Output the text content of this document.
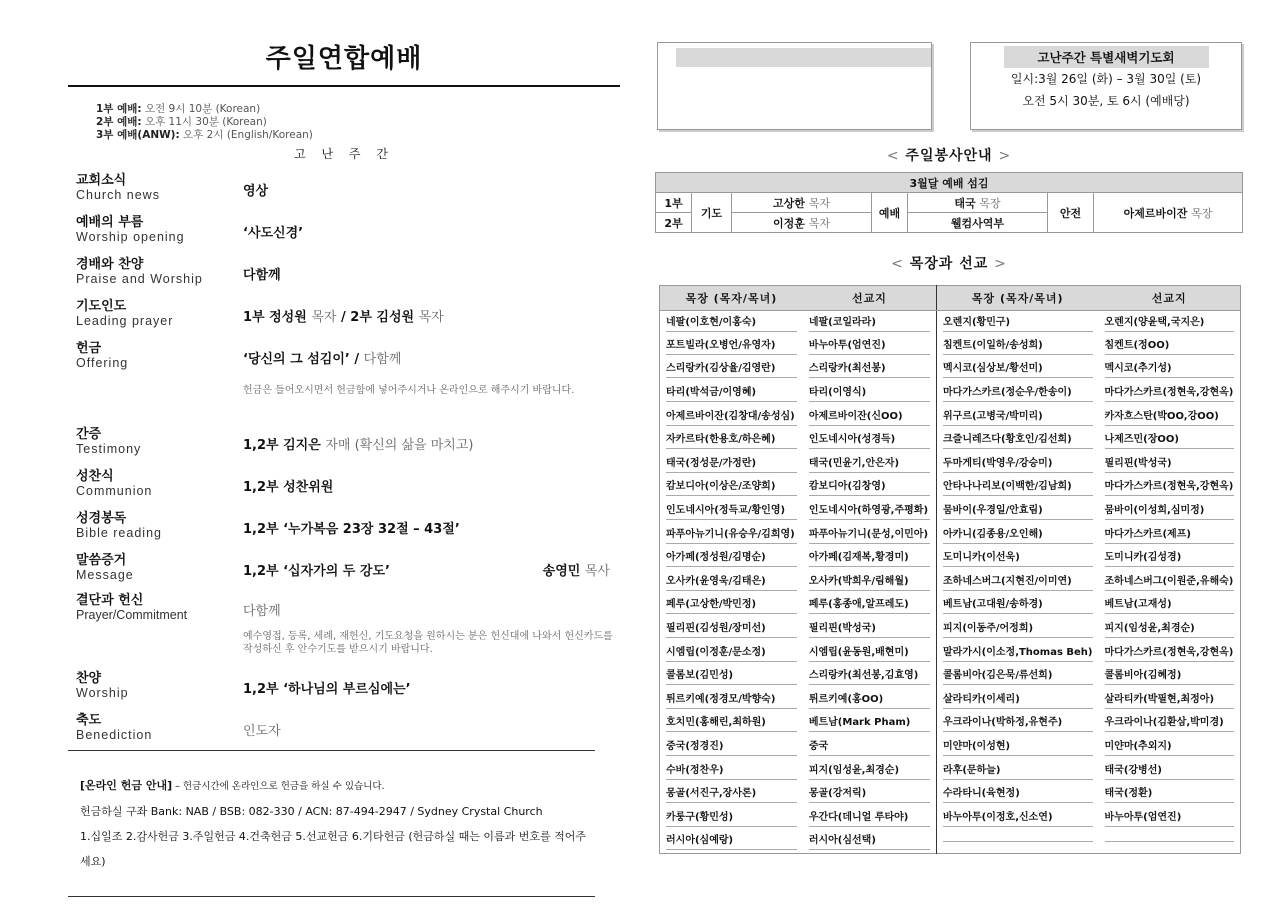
주일연합예배
1부 예배: 오전 9시 10분 (Korean)
2부 예배: 오후 11시 30분 (Korean)
3부 예배(ANW): 오후 2시 (English/Korean)
고 난 주 간
교회소식
Church news	영상
예배의 부름
Worship opening	‘사도신경’
경배와 찬양
Praise and Worship	다함께
기도인도
Leading prayer	1부 정성원 목자 / 2부 김성원 목자
헌금
Offering	‘당신의 그 섬김이’ / 다함께
헌금은 들어오시면서 헌금함에 넣어주시거나 온라인으로 해주시기 바랍니다.
간증
Testimony	1,2부 김지은 자매 (확신의 삶을 마치고)
성찬식
Communion	1,2부 성찬위원
성경봉독
Bible reading	1,2부 ‘누가복음 23장 32절 – 43절’
말씀증거
Message	1,2부 ‘십자가의 두 강도’	송영민 목사
결단과 헌신
Prayer/Commitment	다함께
예수영접, 등록, 세례, 재헌신, 기도요청을 원하시는 분은 헌신대에 나와서 헌신카드를 작성하신 후 안수기도를 받으시기 바랍니다.
찬양
Worship	1,2부 ‘하나님의 부르심에는’
축도
Benediction	인도자
[온라인 헌금 안내] – 헌금시간에 온라인으로 헌금을 하실 수 있습니다.
헌금하실 구좌 Bank: NAB / BSB: 082-330 / ACN: 87-494-2947 / Sydney Crystal Church
1.십일조 2.감사헌금 3.주일헌금 4.건축헌금 5.선교헌금 6.기타헌금 (헌금하실 때는 이름과 번호를 적어주세요)
고난주간 특별새벽기도회
일시:3월 26일 (화) – 3월 30일 (토)
오전 5시 30분, 토 6시 (예배당)
< 주일봉사안내 >
3월달 예배 섬김						
1부	기도	고상한 목자	예배	태국 목장	안전	아제르바이잔 목장
2부		이정훈 목자		웰컴사역부		
< 목장과 선교 >
목장 (목자/목녀)	선교지	목장 (목자/목녀)	선교지

네팔(이호현/이홍숙)	네팔(코일라라)	오렌지(황민구)	오렌지(양윤택,국지은)

포트빌라(오병언/유영자)	바누아투(엄연진)	침켄트(이일하/송성희)	침켄트(정OO)

스리랑카(김상율/김영란)	스리랑카(최선봉)	멕시코(심상보/황선미)	멕시코(추기성)

타리(박석금/이영혜)	타리(이영식)	마다가스카르(정순우/한송이)	마다가스카르(정현욱,강현옥)

아제르바이잔(김창대/송성심)	아제르바이잔(신OO)	위구르(고병국/박미리)	카자흐스탄(박OO,강OO)

자카르타(한용호/하은혜)	인도네시아(성경득)	크즐니레즈다(황호인/김선희)	나제즈민(장OO)

태국(정성문/가정란)	태국(민윤기,안은자)	두마게티(박영우/강승미)	필리핀(박성국)

캄보디아(이상은/조양희)	캄보디아(김창영)	안타나나리보(이백한/김남희)	마다가스카르(정현욱,강현옥)

인도네시아(정득교/황인영)	인도네시아(하영광,주평화)	뭄바이(우경일/안효림)	뭄바이(이성희,심미정)

파푸아뉴기니(유승우/김희영)	파푸아뉴기니(문성,이민아)	아카니(김종용/오인해)	마다가스카르(제프)

아가페(정성원/김명순)	아가페(김재복,황경미)	도미니카(이선욱)	도미니카(김성경)

오사카(윤영욱/김태은)	오사카(박희우/림해월)	조하네스버그(지현진/이미연)	조하네스버그(이원준,유해숙)

페루(고상한/박민정)	페루(홍종애,알프레도)	베트남(고대원/송하경)	베트남(고재성)

필리핀(김성원/장미선)	필리핀(박성국)	피지(이동주/어정희)	피지(임성윤,최경순)

시엠립(이정훈/문소정)	시엠립(윤동원,배현미)	말라가시(이소정,Thomas Beh)	마다가스카르(정현욱,강현옥)

콜롬보(김민성)	스리랑카(최선봉,김효영)	콜롬비아(김은묵/류선희)	콜롬비아(김혜정)

튀르키예(정경모/박향숙)	튀르키예(홍OO)	살라티카(이세리)	살라티카(박필현,최정아)

호치민(홍해린,최하원)	베트남(Mark Pham)	우크라이나(박하정,유현주)	우크라이나(김환삼,박미경)

중국(정경진)	중국	미얀마(이성현)	미얀마(추외지)

수바(정찬우)	피지(임성윤,최경순)	라후(문하늘)	태국(강병선)

몽골(서진구,장사론)	몽골(강저릭)	수라타니(육현정)	태국(정환)

카룽구(황민성)	우간다(데니얼 루타야)	바누아투(이정호,신소연)	바누아투(엄연진)

러시아(심예랑)	러시아(심선택)		
